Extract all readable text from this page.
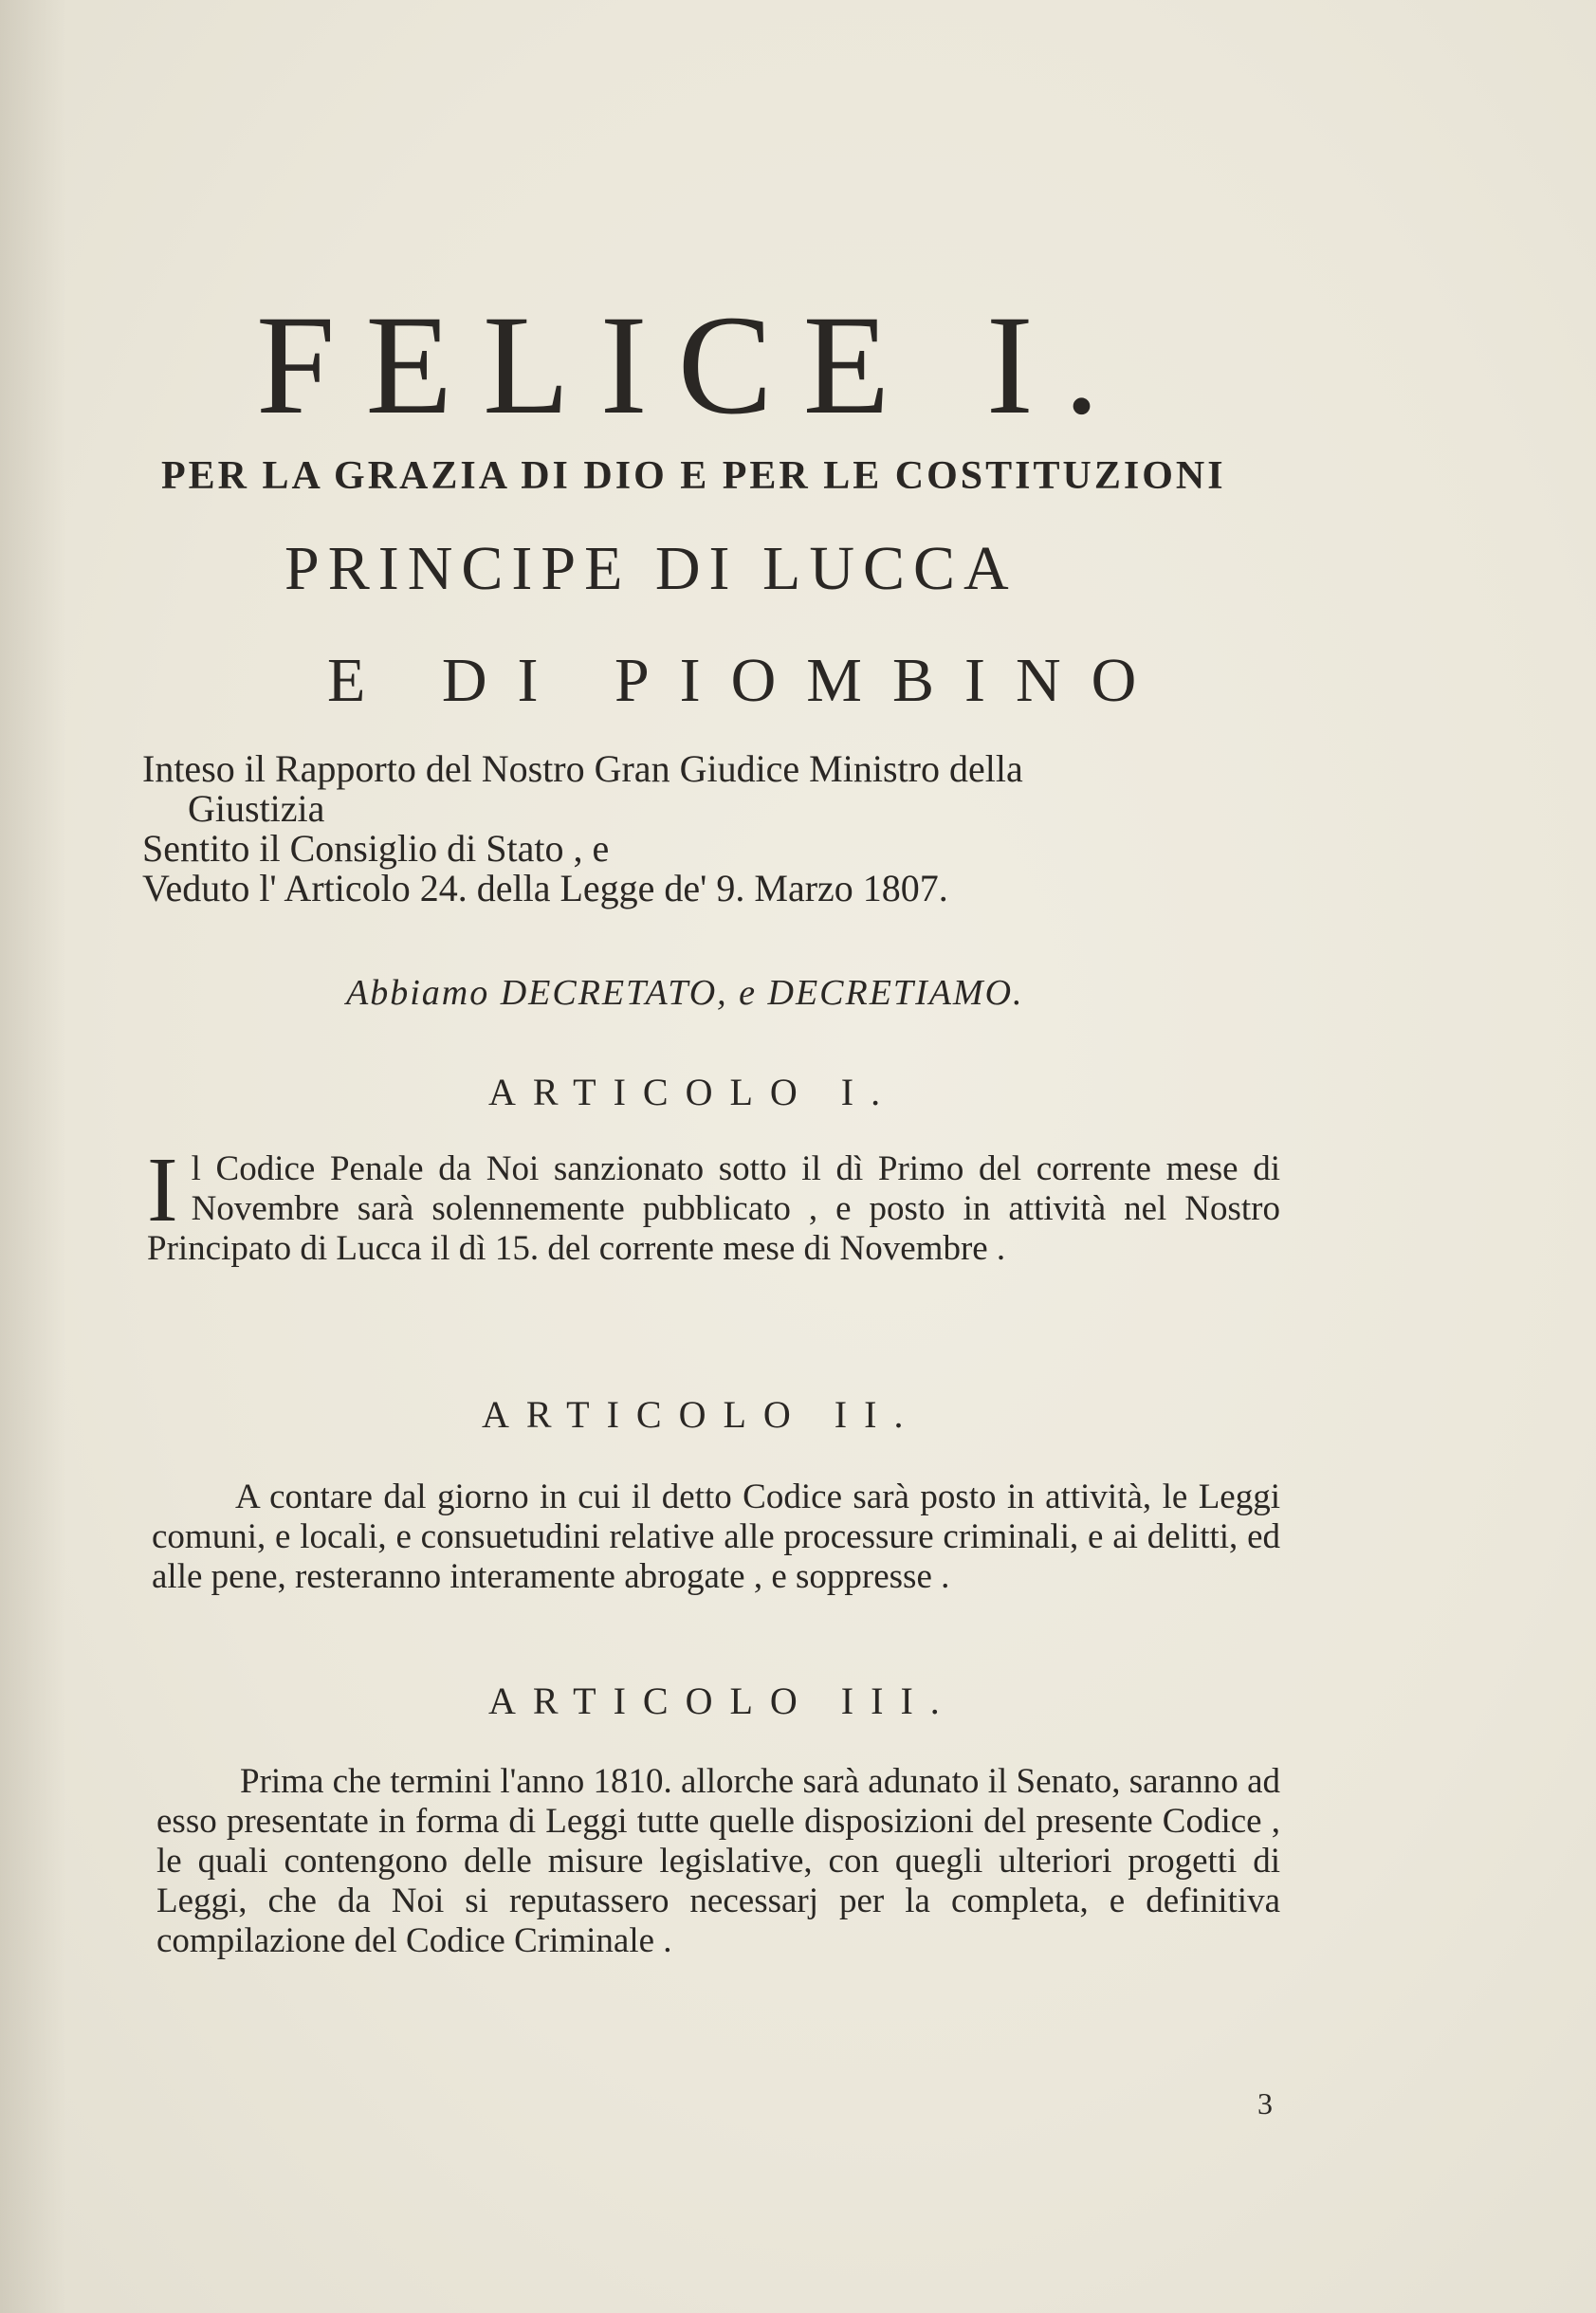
FELICE I.
PER LA GRAZIA DI DIO E PER LE COSTITUZIONI
PRINCIPE DI LUCCA
E DI PIOMBINO
Inteso il Rapporto del Nostro Gran Giudice Ministro della
Giustizia
Sentito il Consiglio di Stato , e
Veduto l' Articolo 24. della Legge de' 9. Marzo 1807.
Abbiamo DECRETATO, e DECRETIAMO.
ARTICOLO I.

Il Codice Penale da Noi sanzionato sotto il dì Primo del corrente mese di Novembre sarà solennemente pubblicato , e posto in attività nel Nostro Principato di Lucca il dì 15. del corrente mese di Novembre .

ARTICOLO II.

A contare dal giorno in cui il detto Codice sarà posto in attività, le Leggi comuni, e locali, e consuetudini relative alle processure criminali, e ai delitti, ed alle pene, resteranno interamente abrogate , e soppresse .

ARTICOLO III.

Prima che termini l'anno 1810. allorche sarà adunato il Senato, saranno ad esso presentate in forma di Leggi tutte quelle disposizioni del presente Codice , le quali contengono delle misure legislative, con quegli ulteriori progetti di Leggi, che da Noi si reputassero necessarj per la completa, e definitiva compilazione del Codice Criminale .

3
